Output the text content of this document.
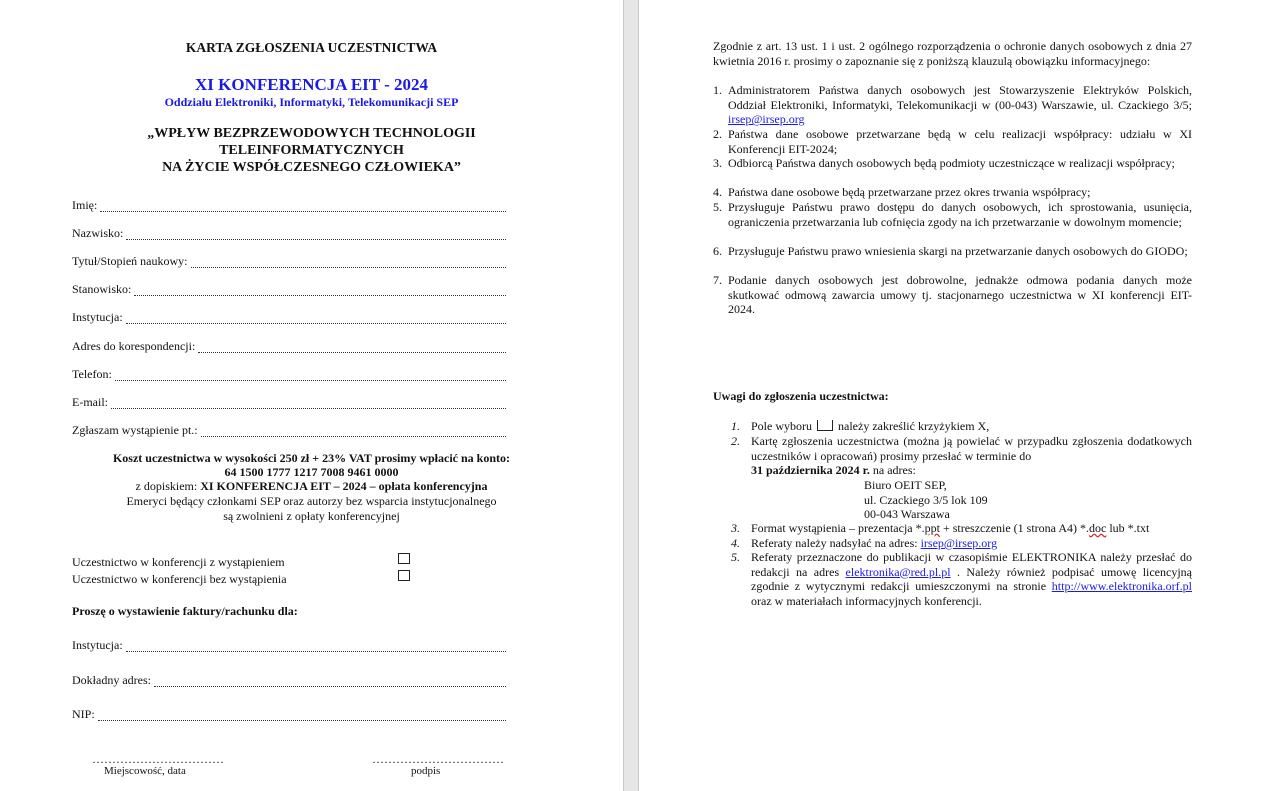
KARTA ZGŁOSZENIA UCZESTNICTWA
XI KONFERENCJA EIT - 2024
Oddziału Elektroniki, Informatyki, Telekomunikacji SEP
„WPŁYW BEZPRZEWODOWYCH TECHNOLOGII
TELEINFORMATYCZNYCH
NA ŻYCIE WSPÓŁCZESNEGO CZŁOWIEKA”
Imię:
Nazwisko:
Tytuł/Stopień naukowy:
Stanowisko:
Instytucja:
Adres do korespondencji:
Telefon:
E-mail:
Zgłaszam wystąpienie pt.:
Koszt uczestnictwa w wysokości 250 zł + 23% VAT prosimy wpłacić na konto:
64 1500 1777 1217 7008 9461 0000
z dopiskiem: XI KONFERENCJA EIT – 2024 – opłata konferencyjna
Emeryci będący członkami SEP oraz autorzy bez wsparcia instytucjonalnego
są zwolnieni z opłaty konferencyjnej
Uczestnictwo w konferencji z wystąpieniem
Uczestnictwo w konferencji bez wystąpienia
Proszę o wystawienie faktury/rachunku dla:
Instytucja:
Dokładny adres:
NIP:
……………………………
Miejscowość, data
……………………………
podpis
Zgodnie z art. 13 ust. 1 i ust. 2 ogólnego rozporządzenia o ochronie danych osobowych z dnia 27 kwietnia 2016 r. prosimy o zapoznanie się z poniższą klauzulą obowiązku informacyjnego:
1. Administratorem Państwa danych osobowych jest Stowarzyszenie Elektryków Polskich, Oddział Elektroniki, Informatyki, Telekomunikacji w (00-043) Warszawie, ul. Czackiego 3/5; irsep@irsep.org
2. Państwa dane osobowe przetwarzane będą w celu realizacji współpracy: udziału w XI Konferencji EIT-2024;
3. Odbiorcą Państwa danych osobowych będą podmioty uczestniczące w realizacji współpracy;
4. Państwa dane osobowe będą przetwarzane przez okres trwania współpracy;
5. Przysługuje Państwu prawo dostępu do danych osobowych, ich sprostowania, usunięcia, ograniczenia przetwarzania lub cofnięcia zgody na ich przetwarzanie w dowolnym momencie;
6. Przysługuje Państwu prawo wniesienia skargi na przetwarzanie danych osobowych do GIODO;
7. Podanie danych osobowych jest dobrowolne, jednakże odmowa podania danych może skutkować odmową zawarcia umowy tj. stacjonarnego uczestnictwa w XI konferencji EIT-2024.
Uwagi do zgłoszenia uczestnictwa:
1. Pole wyboru należy zakreślić krzyżykiem X,
2. Kartę zgłoszenia uczestnictwa (można ją powielać w przypadku zgłoszenia dodatkowych uczestników i opracowań) prosimy przesłać w terminie do
31 października 2024 r. na adres:
Biuro OEIT SEP,
ul. Czackiego 3/5 lok 109
00-043 Warszawa
3. Format wystąpienia – prezentacja *.ppt + streszczenie (1 strona A4) *.doc lub *.txt
4. Referaty należy nadsyłać na adres: irsep@irsep.org
5. Referaty przeznaczone do publikacji w czasopiśmie ELEKTRONIKA należy przesłać do redakcji na adres elektronika@red.pl.pl . Należy również podpisać umowę licencyjną zgodnie z wytycznymi redakcji umieszczonymi na stronie http://www.elektronika.orf.pl oraz w materiałach informacyjnych konferencji.
